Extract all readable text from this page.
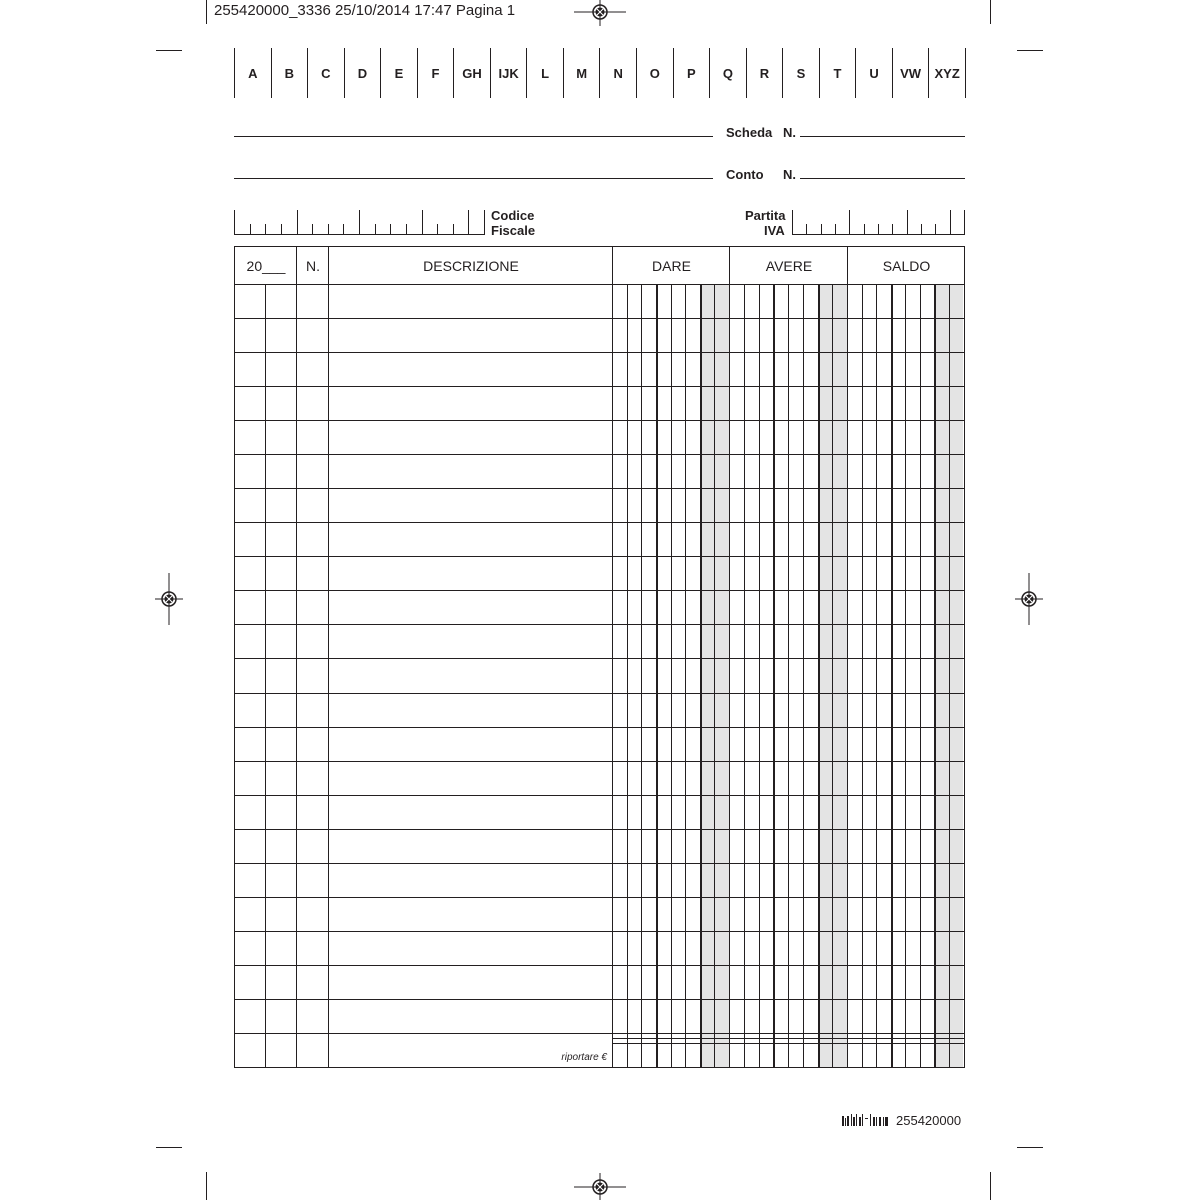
255420000_3336 25/10/2014 17:47 Pagina 1
A	B	C	D	E	F	GH	IJK	L	M	N	O	P	Q	R	S	T	U	VW	XYZ
Scheda N.
Conto N.
Codice
Fiscale
Partita
IVA
20___	N.	DESCRIZIONE	DARE	AVERE	SALDO
riportare €
255420000
